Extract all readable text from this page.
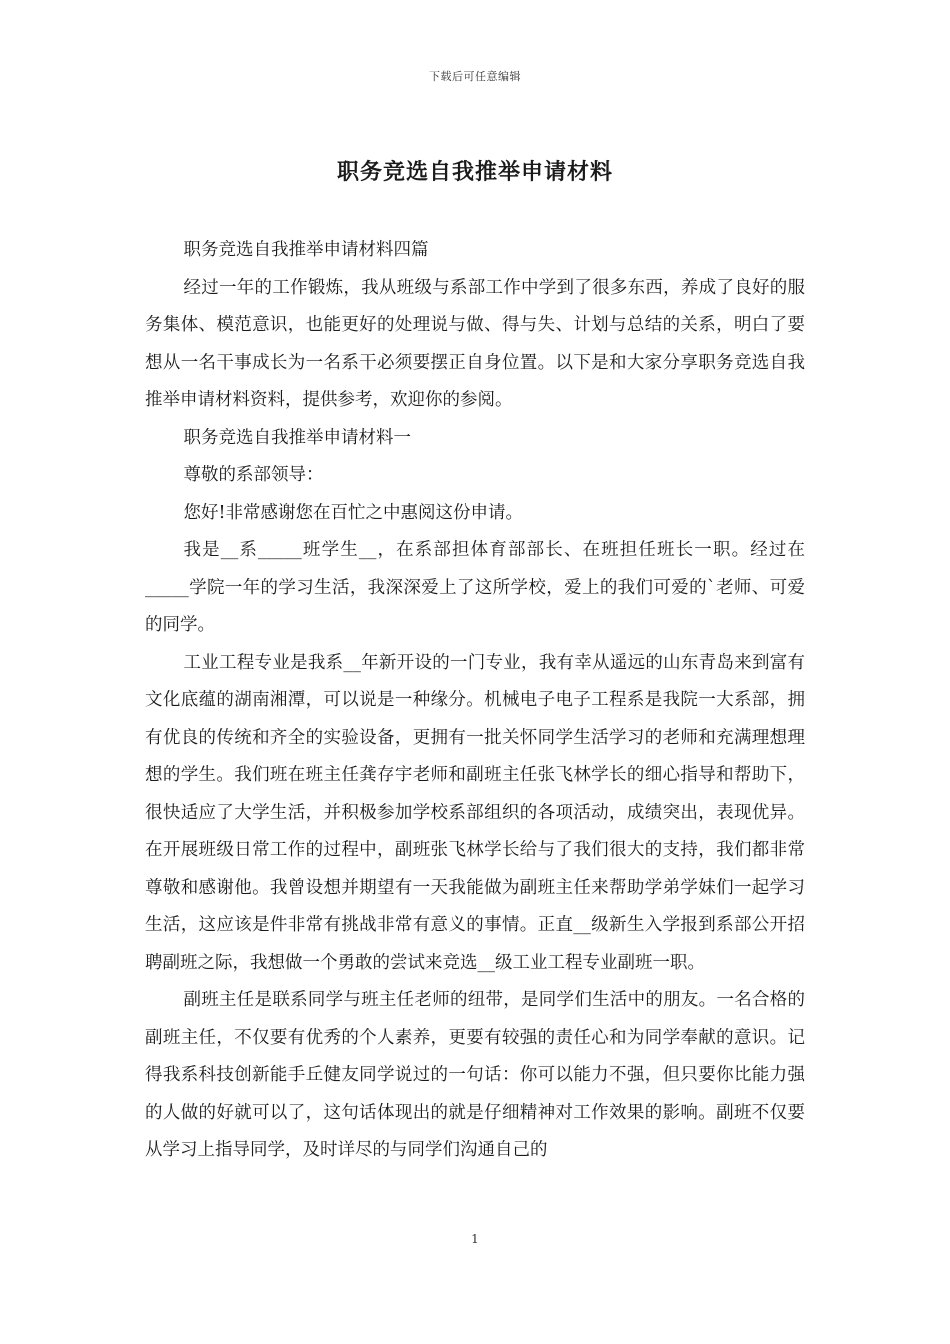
下载后可任意编辑
职务竞选自我推举申请材料

职务竞选自我推举申请材料四篇

经过一年的工作锻炼，我从班级与系部工作中学到了很多东西，养成了良好的服务集体、模范意识，也能更好的处理说与做、得与失、计划与总结的关系，明白了要想从一名干事成长为一名系干必须要摆正自身位置。以下是和大家分享职务竞选自我推举申请材料资料，提供参考，欢迎你的参阅。

职务竞选自我推举申请材料一

尊敬的系部领导：

您好!非常感谢您在百忙之中惠阅这份申请。

我是__系_____班学生__，在系部担体育部部长、在班担任班长一职。经过在_____学院一年的学习生活，我深深爱上了这所学校，爱上的我们可爱的`老师、可爱的同学。

工业工程专业是我系__年新开设的一门专业，我有幸从遥远的山东青岛来到富有文化底蕴的湖南湘潭，可以说是一种缘分。机械电子电子工程系是我院一大系部，拥有优良的传统和齐全的实验设备，更拥有一批关怀同学生活学习的老师和充满理想理想的学生。我们班在班主任龚存宇老师和副班主任张飞林学长的细心指导和帮助下，很快适应了大学生活，并积极参加学校系部组织的各项活动，成绩突出，表现优异。在开展班级日常工作的过程中，副班张飞林学长给与了我们很大的支持，我们都非常尊敬和感谢他。我曾设想并期望有一天我能做为副班主任来帮助学弟学妹们一起学习生活，这应该是件非常有挑战非常有意义的事情。正直__级新生入学报到系部公开招聘副班之际，我想做一个勇敢的尝试来竞选__级工业工程专业副班一职。

副班主任是联系同学与班主任老师的纽带，是同学们生活中的朋友。一名合格的副班主任，不仅要有优秀的个人素养，更要有较强的责任心和为同学奉献的意识。记得我系科技创新能手丘健友同学说过的一句话：你可以能力不强，但只要你比能力强的人做的好就可以了，这句话体现出的就是仔细精神对工作效果的影响。副班不仅要从学习上指导同学，及时详尽的与同学们沟通自己的

1
